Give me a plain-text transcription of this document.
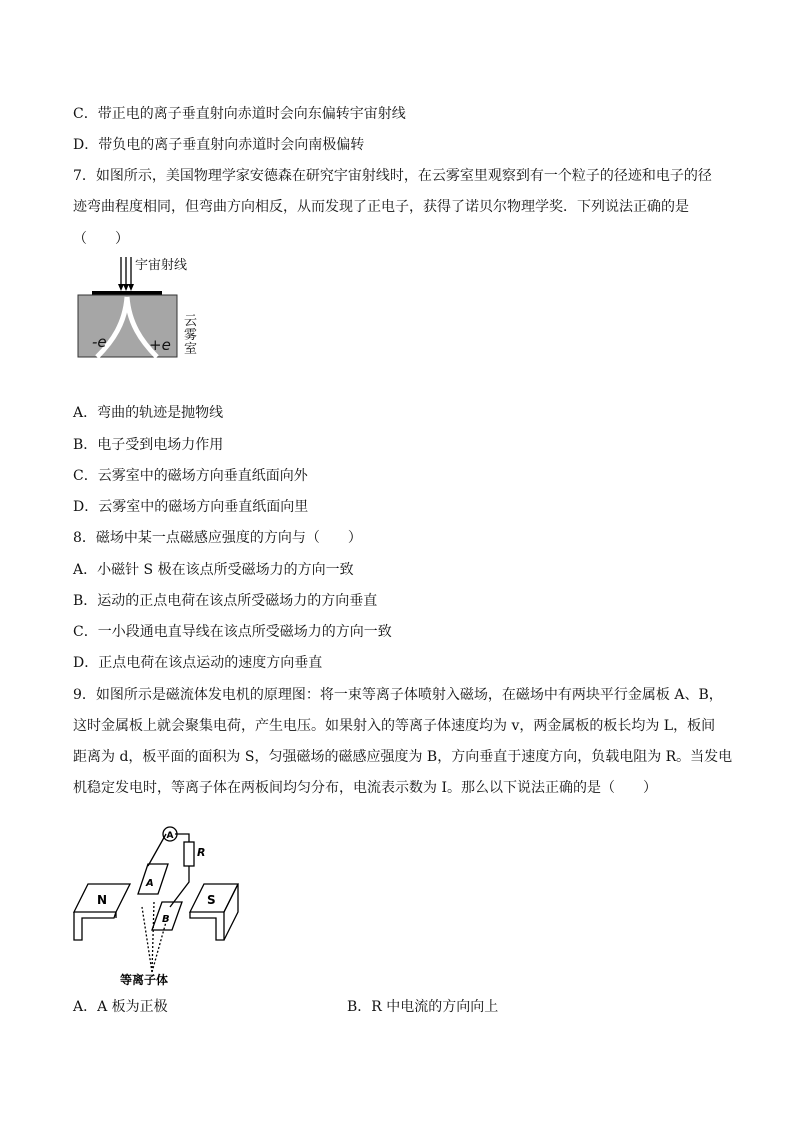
C．带正电的离子垂直射向赤道时会向东偏转宇宙射线
D．带负电的离子垂直射向赤道时会向南极偏转
7．如图所示，美国物理学家安德森在研究宇宙射线时，在云雾室里观察到有一个粒子的径迹和电子的径
迹弯曲程度相同，但弯曲方向相反，从而发现了正电子，获得了诺贝尔物理学奖．下列说法正确的是
（　　）
宇宙射线
-e	+e
云
雾
室
A．弯曲的轨迹是抛物线
B．电子受到电场力作用
C．云雾室中的磁场方向垂直纸面向外
D．云雾室中的磁场方向垂直纸面向里
8．磁场中某一点磁感应强度的方向与（　　）
A．小磁针 S 极在该点所受磁场力的方向一致
B．运动的正点电荷在该点所受磁场力的方向垂直
C．一小段通电直导线在该点所受磁场力的方向一致
D．正点电荷在该点运动的速度方向垂直
9．如图所示是磁流体发电机的原理图：将一束等离子体喷射入磁场，在磁场中有两块平行金属板 A、B，
这时金属板上就会聚集电荷，产生电压。如果射入的等离子体速度均为 v，两金属板的板长均为 L，板间
距离为 d，板平面的面积为 S，匀强磁场的磁感应强度为 B，方向垂直于速度方向，负载电阻为 R。当发电
机稳定发电时，等离子体在两板间均匀分布，电流表示数为 I。那么以下说法正确的是（　　）
A
R
N	S
A
B
等离子体
A．A 板为正极	B．R 中电流的方向向上
